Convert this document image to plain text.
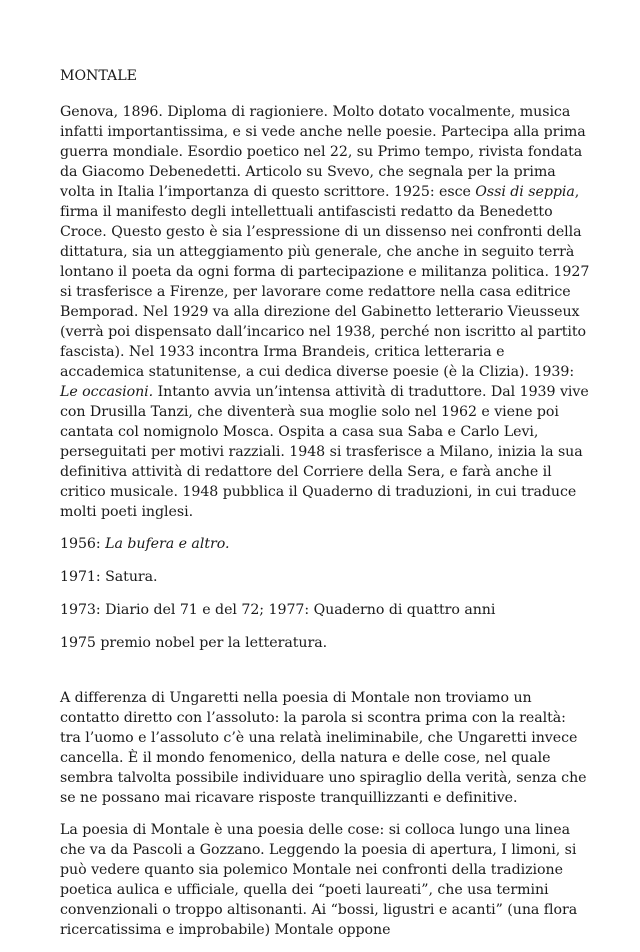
MONTALE

Genova, 1896. Diploma di ragioniere. Molto dotato vocalmente, musica infatti importantissima, e si vede anche nelle poesie. Partecipa alla prima guerra mondiale. Esordio poetico nel 22, su Primo tempo, rivista fondata da Giacomo Debenedetti. Articolo su Svevo, che segnala per la prima volta in Italia l’importanza di questo scrittore. 1925: esce Ossi di seppia, firma il manifesto degli intellettuali antifascisti redatto da Benedetto Croce. Questo gesto è sia l’espressione di un dissenso nei confronti della dittatura, sia un atteggiamento più generale, che anche in seguito terrà lontano il poeta da ogni forma di partecipazione e militanza politica. 1927 si trasferisce a Firenze, per lavorare come redattore nella casa editrice Bemporad. Nel 1929 va alla direzione del Gabinetto letterario Vieusseux (verrà poi dispensato dall’incarico nel 1938, perché non iscritto al partito fascista). Nel 1933 incontra Irma Brandeis, critica letteraria e accademica statunitense, a cui dedica diverse poesie (è la Clizia). 1939: Le occasioni. Intanto avvia un’intensa attività di traduttore. Dal 1939 vive con Drusilla Tanzi, che diventerà sua moglie solo nel 1962 e viene poi cantata col nomignolo Mosca. Ospita a casa sua Saba e Carlo Levi, perseguitati per motivi razziali. 1948 si trasferisce a Milano, inizia la sua definitiva attività di redattore del Corriere della Sera, e farà anche il critico musicale. 1948 pubblica il Quaderno di traduzioni, in cui traduce molti poeti inglesi.

1956: La bufera e altro.

1971: Satura.

1973: Diario del 71 e del 72; 1977: Quaderno di quattro anni

1975 premio nobel per la letteratura.

A differenza di Ungaretti nella poesia di Montale non troviamo un contatto diretto con l’assoluto: la parola si scontra prima con la realtà: tra l’uomo e l’assoluto c’è una relatà ineliminabile, che Ungaretti invece cancella. È il mondo fenomenico, della natura e delle cose, nel quale sembra talvolta possibile individuare uno spiraglio della verità, senza che se ne possano mai ricavare risposte tranquillizzanti e definitive.

La poesia di Montale è una poesia delle cose: si colloca lungo una linea che va da Pascoli a Gozzano. Leggendo la poesia di apertura, I limoni, si può vedere quanto sia polemico Montale nei confronti della tradizione poetica aulica e ufficiale, quella dei “poeti laureati”, che usa termini convenzionali o troppo altisonanti. Ai “bossi, ligustri e acanti” (una flora ricercatissima e improbabile) Montale oppone
